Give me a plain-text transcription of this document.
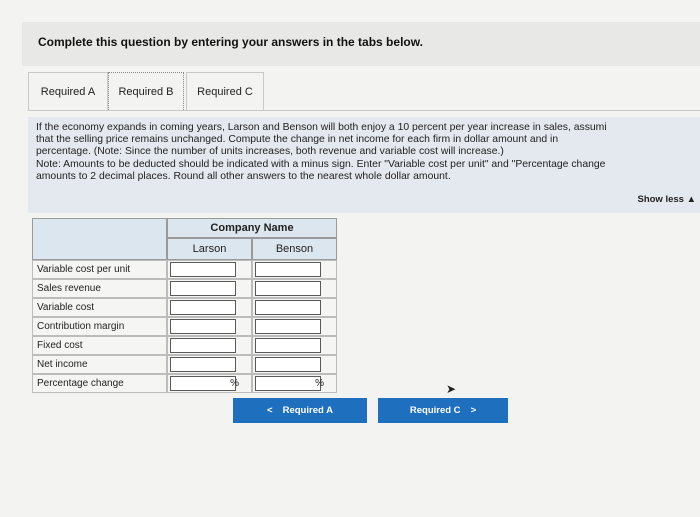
Complete this question by entering your answers in the tabs below.
Required A	Required B	Required C

If the economy expands in coming years, Larson and Benson will both enjoy a 10 percent per year increase in sales, assumi
that the selling price remains unchanged. Compute the change in net income for each firm in dollar amount and in
percentage. (Note: Since the number of units increases, both revenue and variable cost will increase.)
Note: Amounts to be deducted should be indicated with a minus sign. Enter "Variable cost per unit" and "Percentage change
amounts to 2 decimal places. Round all other answers to the nearest whole dollar amount.

Show less ▲
Company Name
Larson	Benson
Variable cost per unit
Sales revenue
Variable cost
Contribution margin
Fixed cost
Net income
Percentage change	%	%
< Required A	Required C >
➤
